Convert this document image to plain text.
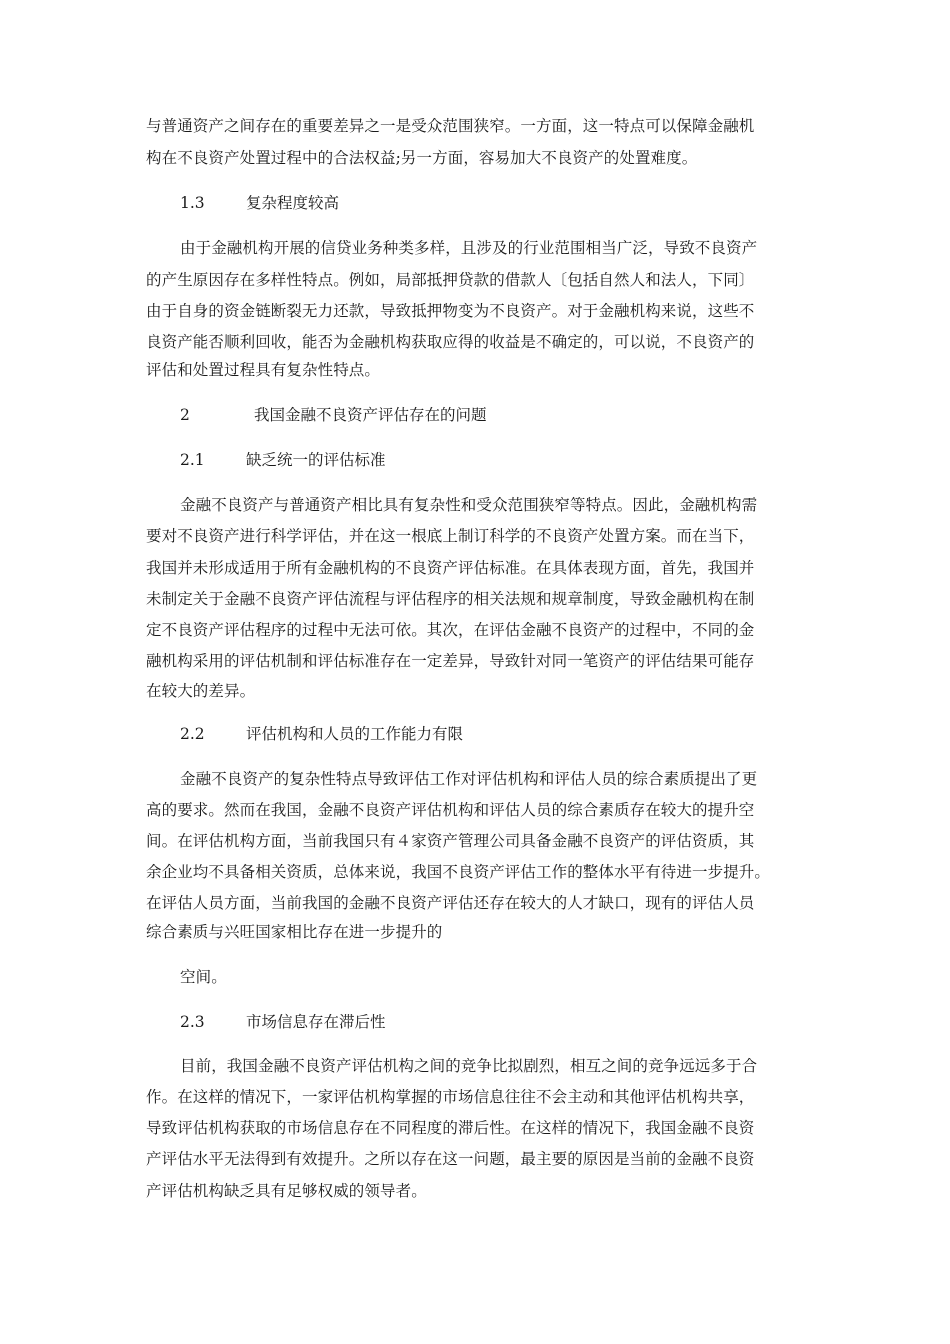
与普通资产之间存在的重要差异之一是受众范围狭窄。一方面，这一特点可以保障金融机
构在不良资产处置过程中的合法权益;另一方面，容易加大不良资产的处置难度。
1.3	复杂程度较高
由于金融机构开展的信贷业务种类多样，且涉及的行业范围相当广泛，导致不良资产
的产生原因存在多样性特点。例如，局部抵押贷款的借款人〔包括自然人和法人，下同〕
由于自身的资金链断裂无力还款，导致抵押物变为不良资产。对于金融机构来说，这些不
良资产能否顺利回收，能否为金融机构获取应得的收益是不确定的，可以说，不良资产的
评估和处置过程具有复杂性特点。
2	我国金融不良资产评估存在的问题
2.1	缺乏统一的评估标准
金融不良资产与普通资产相比具有复杂性和受众范围狭窄等特点。因此，金融机构需
要对不良资产进行科学评估，并在这一根底上制订科学的不良资产处置方案。而在当下，
我国并未形成适用于所有金融机构的不良资产评估标准。在具体表现方面，首先，我国并
未制定关于金融不良资产评估流程与评估程序的相关法规和规章制度，导致金融机构在制
定不良资产评估程序的过程中无法可依。其次，在评估金融不良资产的过程中，不同的金
融机构采用的评估机制和评估标准存在一定差异，导致针对同一笔资产的评估结果可能存
在较大的差异。
2.2	评估机构和人员的工作能力有限
金融不良资产的复杂性特点导致评估工作对评估机构和评估人员的综合素质提出了更
高的要求。然而在我国，金融不良资产评估机构和评估人员的综合素质存在较大的提升空
间。在评估机构方面，当前我国只有４家资产管理公司具备金融不良资产的评估资质，其
余企业均不具备相关资质，总体来说，我国不良资产评估工作的整体水平有待进一步提升。
在评估人员方面，当前我国的金融不良资产评估还存在较大的人才缺口，现有的评估人员
综合素质与兴旺国家相比存在进一步提升的
空间。
2.3	市场信息存在滞后性
目前，我国金融不良资产评估机构之间的竞争比拟剧烈，相互之间的竞争远远多于合
作。在这样的情况下，一家评估机构掌握的市场信息往往不会主动和其他评估机构共享，
导致评估机构获取的市场信息存在不同程度的滞后性。在这样的情况下，我国金融不良资
产评估水平无法得到有效提升。之所以存在这一问题，最主要的原因是当前的金融不良资
产评估机构缺乏具有足够权威的领导者。
